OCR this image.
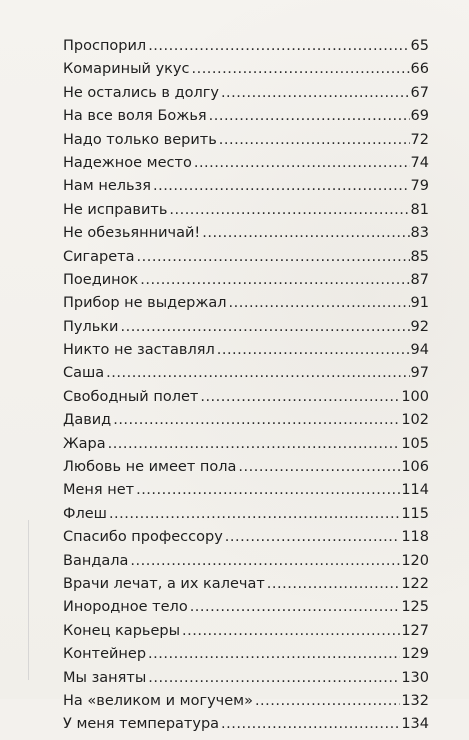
Проспорил .....	65
Комариный укус .....	66
Не остались в долгу .....	67
На все воля Божья .....	69
Надо только верить .....	72
Надежное место .....	74
Нам нельзя .....	79
Не исправить .....	81
Не обезьянничай! .....	83
Сигарета .....	85
Поединок .....	87
Прибор не выдержал .....	91
Пульки .....	92
Никто не заставлял .....	94
Саша .....	97
Свободный полет .....	100
Давид .....	102
Жара .....	105
Любовь не имеет пола .....	106
Меня нет .....	114
Флеш .....	115
Спасибо профессору .....	118
Вандала .....	120
Врачи лечат, а их калечат .....	122
Инородное тело .....	125
Конец карьеры .....	127
Контейнер .....	129
Мы заняты .....	130
На «великом и могучем» .....	132
У меня температура .....	134
